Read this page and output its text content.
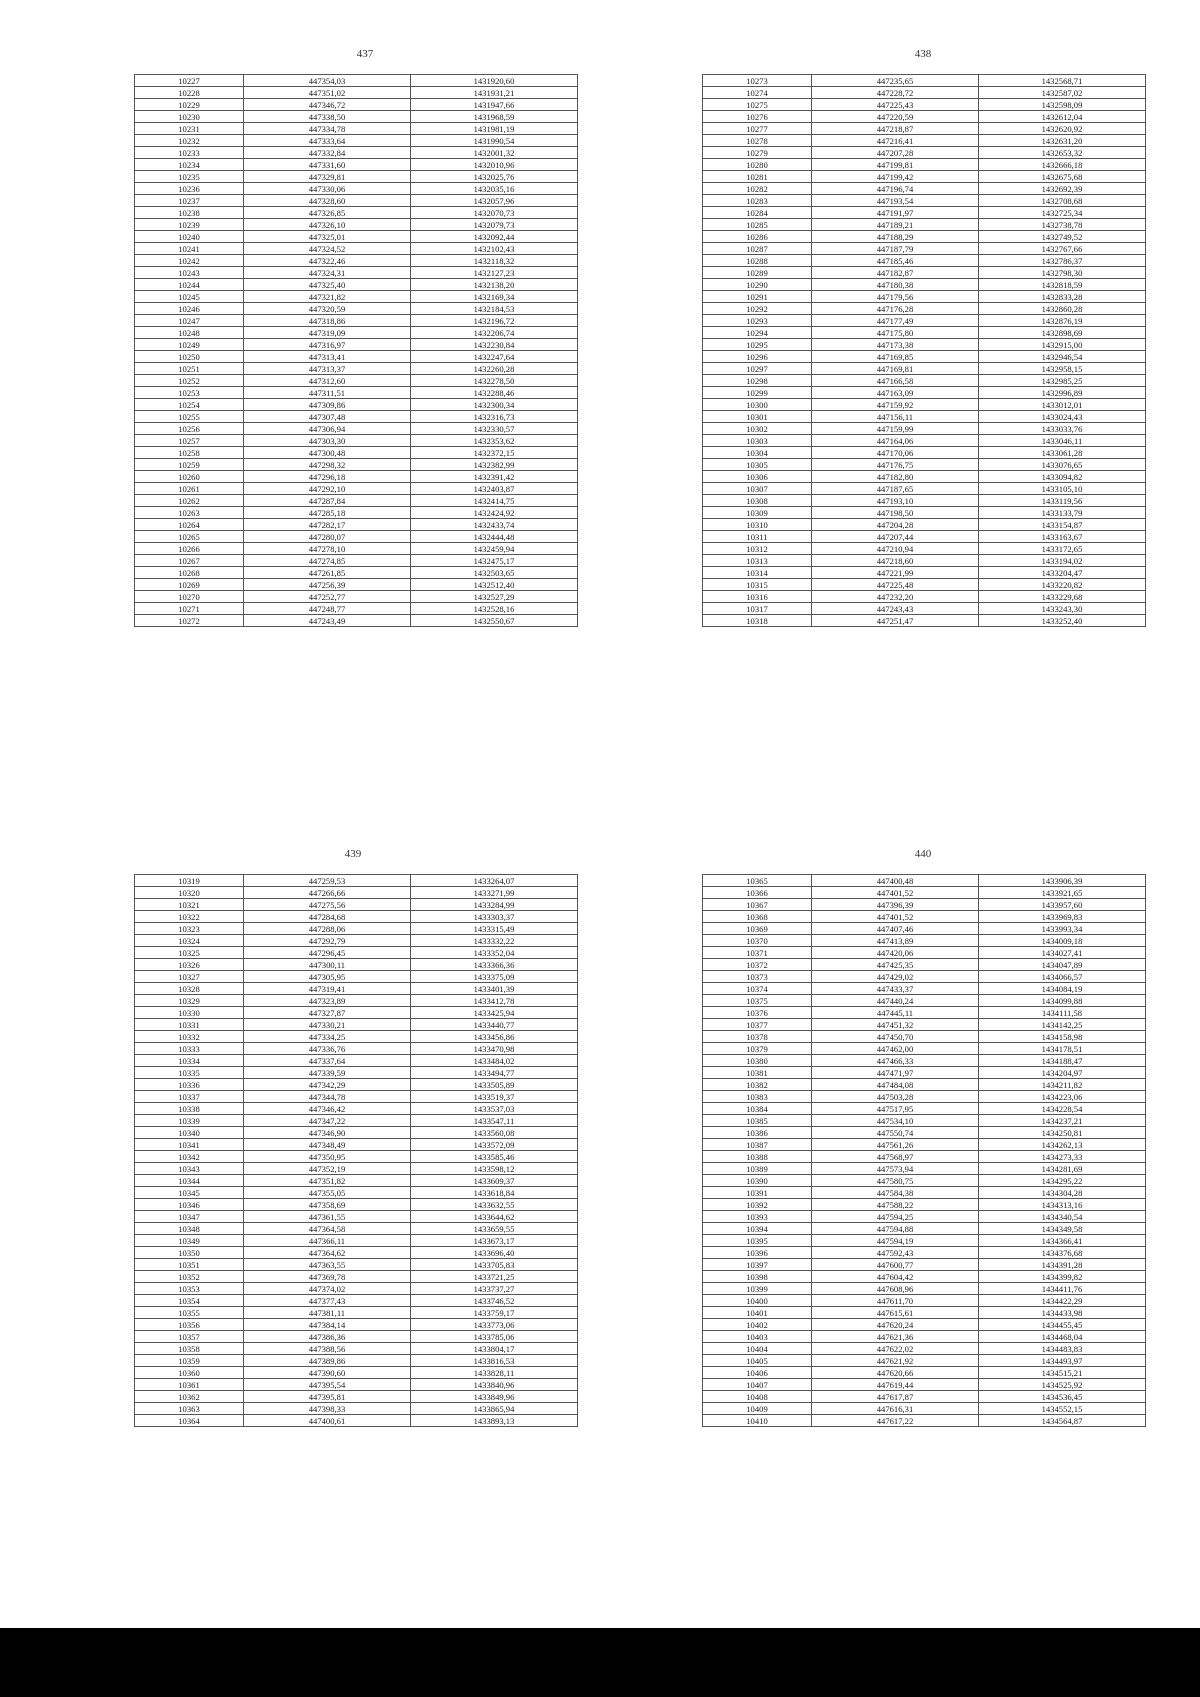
437
10227	447354,03	1431920,60
10228	447351,02	1431931,21
10229	447346,72	1431947,66
10230	447338,50	1431968,59
10231	447334,78	1431981,19
10232	447333,64	1431990,54
10233	447332,84	1432001,32
10234	447331,60	1432010,96
10235	447329,81	1432025,76
10236	447330,06	1432035,16
10237	447328,60	1432057,96
10238	447326,85	1432070,73
10239	447326,10	1432079,73
10240	447325,01	1432092,44
10241	447324,52	1432102,43
10242	447322,46	1432118,32
10243	447324,31	1432127,23
10244	447325,40	1432138,20
10245	447321,82	1432169,34
10246	447320,59	1432184,53
10247	447318,86	1432196,72
10248	447319,09	1432206,74
10249	447316,97	1432230,84
10250	447313,41	1432247,64
10251	447313,37	1432260,28
10252	447312,60	1432278,50
10253	447311,51	1432288,46
10254	447309,86	1432300,34
10255	447307,48	1432316,73
10256	447306,94	1432330,57
10257	447303,30	1432353,62
10258	447300,48	1432372,15
10259	447298,32	1432382,99
10260	447296,18	1432391,42
10261	447292,10	1432403,87
10262	447287,84	1432414,75
10263	447285,18	1432424,92
10264	447282,17	1432433,74
10265	447280,07	1432444,48
10266	447278,10	1432459,94
10267	447274,85	1432475,17
10268	447261,85	1432503,65
10269	447256,39	1432512,40
10270	447252,77	1432527,29
10271	447248,77	1432528,16
10272	447243,49	1432550,67
438
10273	447235,65	1432568,71
10274	447228,72	1432587,02
10275	447225,43	1432598,09
10276	447220,59	1432612,04
10277	447218,87	1432620,92
10278	447216,41	1432631,20
10279	447207,28	1432653,32
10280	447199,81	1432666,18
10281	447199,42	1432675,68
10282	447196,74	1432692,39
10283	447193,54	1432708,68
10284	447191,97	1432725,34
10285	447189,21	1432738,78
10286	447188,29	1432749,52
10287	447187,79	1432767,66
10288	447185,46	1432786,37
10289	447182,87	1432798,30
10290	447180,38	1432818,59
10291	447179,56	1432833,28
10292	447176,28	1432860,28
10293	447177,49	1432876,19
10294	447175,80	1432898,69
10295	447173,38	1432915,00
10296	447169,85	1432946,54
10297	447169,81	1432958,15
10298	447166,58	1432985,25
10299	447163,09	1432996,89
10300	447159,92	1433012,01
10301	447156,11	1433024,43
10302	447159,99	1433033,76
10303	447164,06	1433046,11
10304	447170,06	1433061,28
10305	447176,75	1433076,65
10306	447182,80	1433094,82
10307	447187,65	1433105,10
10308	447193,10	1433119,56
10309	447198,50	1433133,79
10310	447204,28	1433154,87
10311	447207,44	1433163,67
10312	447210,94	1433172,65
10313	447218,60	1433194,02
10314	447221,99	1433204,47
10315	447225,48	1433220,82
10316	447232,20	1433229,68
10317	447243,43	1433243,30
10318	447251,47	1433252,40
439
10319	447259,53	1433264,07
10320	447266,66	1433271,99
10321	447275,56	1433284,99
10322	447284,68	1433303,37
10323	447288,06	1433315,49
10324	447292,79	1433332,22
10325	447296,45	1433352,04
10326	447300,11	1433366,36
10327	447305,95	1433375,09
10328	447319,41	1433401,39
10329	447323,89	1433412,78
10330	447327,87	1433425,94
10331	447330,21	1433440,77
10332	447334,25	1433456,86
10333	447336,76	1433470,98
10334	447337,64	1433484,02
10335	447339,59	1433494,77
10336	447342,29	1433505,89
10337	447344,78	1433519,37
10338	447346,42	1433537,03
10339	447347,22	1433547,11
10340	447346,90	1433560,08
10341	447348,49	1433572,09
10342	447350,95	1433585,46
10343	447352,19	1433598,12
10344	447351,82	1433609,37
10345	447355,05	1433618,84
10346	447358,69	1433632,55
10347	447361,55	1433644,62
10348	447364,58	1433659,55
10349	447366,11	1433673,17
10350	447364,62	1433696,40
10351	447363,55	1433705,83
10352	447369,78	1433721,25
10353	447374,02	1433737,27
10354	447377,43	1433746,52
10355	447381,11	1433759,17
10356	447384,14	1433773,06
10357	447386,36	1433785,06
10358	447388,56	1433804,17
10359	447389,86	1433816,53
10360	447390,60	1433828,11
10361	447395,54	1433840,96
10362	447395,81	1433849,96
10363	447398,33	1433865,94
10364	447400,61	1433893,13
440
10365	447400,48	1433906,39
10366	447401,52	1433921,65
10367	447396,39	1433957,60
10368	447401,52	1433969,83
10369	447407,46	1433993,34
10370	447413,89	1434009,18
10371	447420,06	1434027,41
10372	447425,35	1434047,89
10373	447429,02	1434066,57
10374	447433,37	1434084,19
10375	447440,24	1434099,88
10376	447445,11	1434111,58
10377	447451,32	1434142,25
10378	447450,70	1434158,98
10379	447462,00	1434178,51
10380	447466,33	1434188,47
10381	447471,97	1434204,97
10382	447484,08	1434211,82
10383	447503,28	1434223,06
10384	447517,95	1434228,54
10385	447534,10	1434237,21
10386	447550,74	1434250,81
10387	447561,26	1434262,13
10388	447568,97	1434273,33
10389	447573,94	1434281,69
10390	447580,75	1434295,22
10391	447584,38	1434304,28
10392	447588,22	1434313,16
10393	447594,25	1434340,54
10394	447594,88	1434349,58
10395	447594,19	1434366,41
10396	447592,43	1434376,68
10397	447600,77	1434391,28
10398	447604,42	1434399,82
10399	447608,96	1434411,76
10400	447611,70	1434422,29
10401	447615,61	1434433,98
10402	447620,24	1434455,45
10403	447621,36	1434468,04
10404	447622,02	1434483,83
10405	447621,92	1434493,97
10406	447620,66	1434515,21
10407	447619,44	1434525,92
10408	447617,87	1434536,45
10409	447616,31	1434552,15
10410	447617,22	1434564,87
